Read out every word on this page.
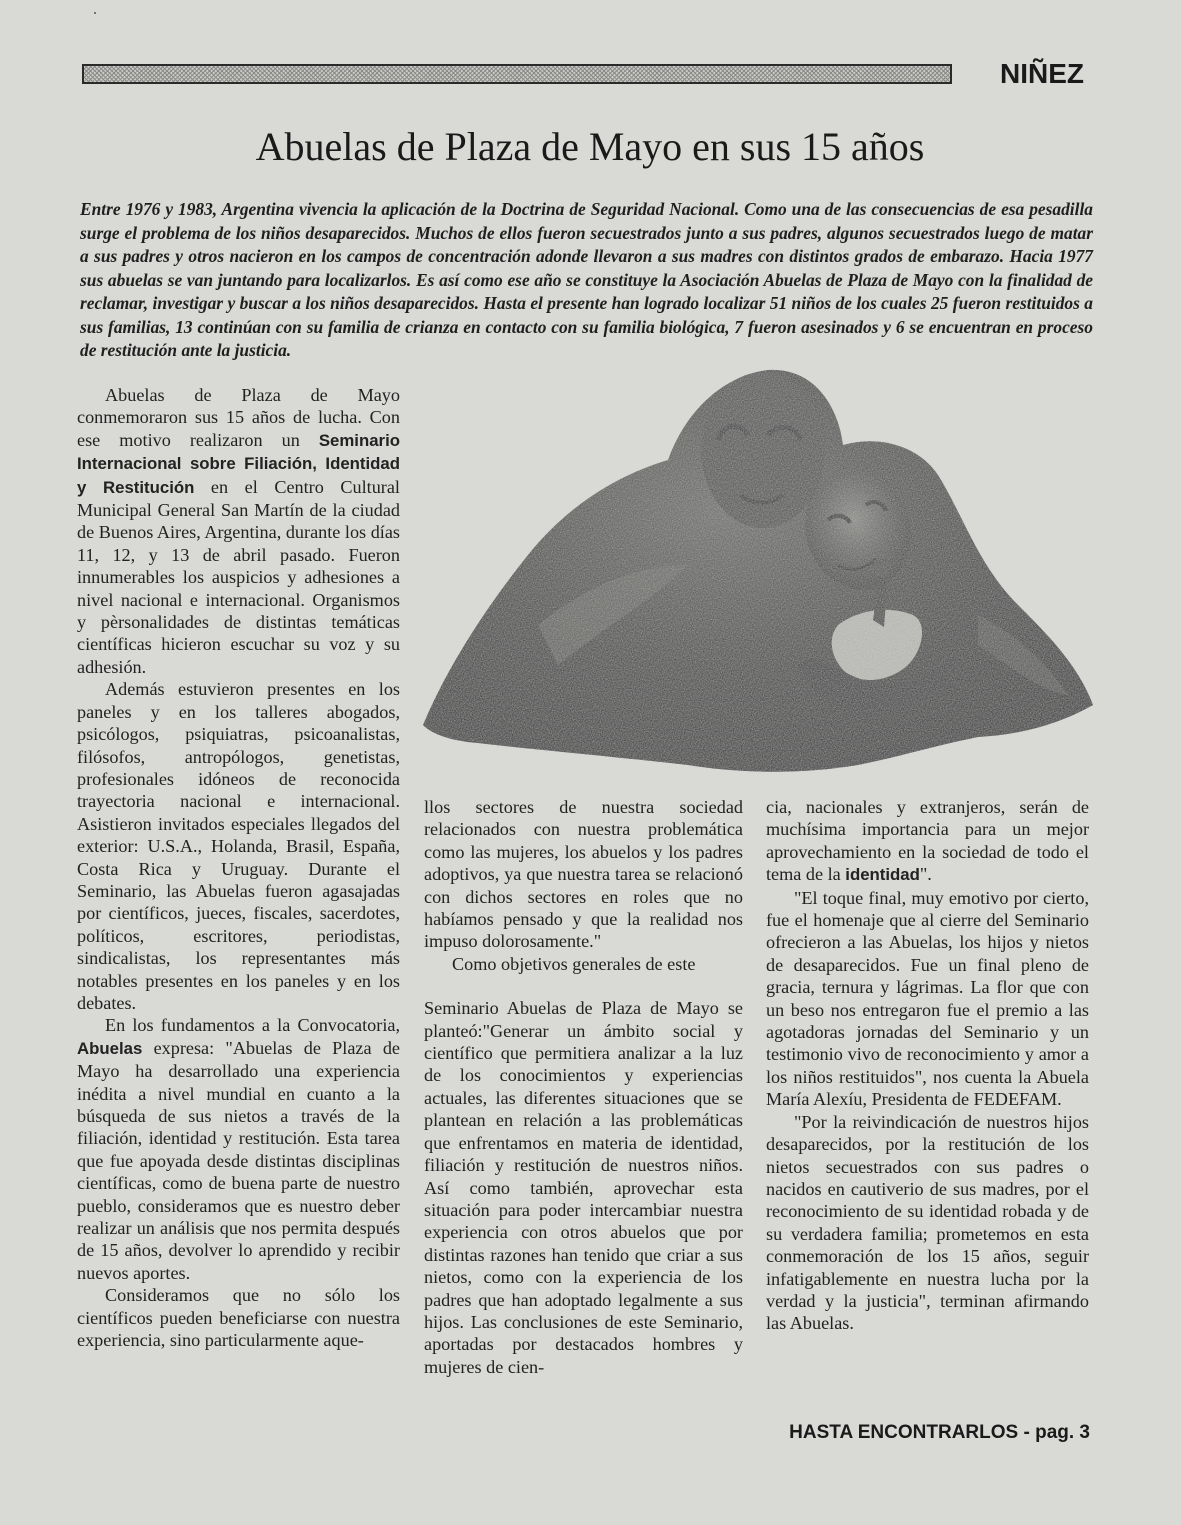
NIÑEZ
Abuelas de Plaza de Mayo en sus 15 años

Entre 1976 y 1983, Argentina vivencia la aplicación de la Doctrina de Seguridad Nacional. Como una de las consecuencias de esa pesadilla surge el problema de los niños desaparecidos. Muchos de ellos fueron secuestrados junto a sus padres, algunos secuestrados luego de matar a sus padres y otros nacieron en los campos de concentración adonde llevaron a sus madres con distintos grados de embarazo. Hacia 1977 sus abuelas se van juntando para localizarlos. Es así como ese año se constituye la Asociación Abuelas de Plaza de Mayo con la finalidad de reclamar, investigar y buscar a los niños desaparecidos. Hasta el presente han logrado localizar 51 niños de los cuales 25 fueron restituidos a sus familias, 13 continúan con su familia de crianza en contacto con su familia biológica, 7 fueron asesinados y 6 se encuentran en proceso de restitución ante la justicia.

Abuelas de Plaza de Mayo conmemoraron sus 15 años de lucha. Con ese motivo realizaron un Seminario Internacional sobre Filiación, Identidad y Restitución en el Centro Cultural Municipal General San Martín de la ciudad de Buenos Aires, Argentina, durante los días 11, 12, y 13 de abril pasado. Fueron innumerables los auspicios y adhesiones a nivel nacional e internacional. Organismos y pèrsonalidades de distintas temáticas científicas hicieron escuchar su voz y su adhesión.

Además estuvieron presentes en los paneles y en los talleres abogados, psicólogos, psiquiatras, psicoanalistas, filósofos, antropólogos, genetistas, profesionales idóneos de reconocida trayectoria nacional e internacional. Asistieron invitados especiales llegados del exterior: U.S.A., Holanda, Brasil, España, Costa Rica y Uruguay. Durante el Seminario, las Abuelas fueron agasajadas por científicos, jueces, fiscales, sacerdotes, políticos, escritores, periodistas, sindicalistas, los representantes más notables presentes en los paneles y en los debates.

En los fundamentos a la Convocatoria, Abuelas expresa: "Abuelas de Plaza de Mayo ha desarrollado una experiencia inédita a nivel mundial en cuanto a la búsqueda de sus nietos a través de la filiación, identidad y restitución. Esta tarea que fue apoyada desde distintas disciplinas científicas, como de buena parte de nuestro pueblo, consideramos que es nuestro deber realizar un análisis que nos permita después de 15 años, devolver lo aprendido y recibir nuevos aportes.

Consideramos que no sólo los científicos pueden beneficiarse con nuestra experiencia, sino particularmente aque-

llos sectores de nuestra sociedad relacionados con nuestra problemática como las mujeres, los abuelos y los padres adoptivos, ya que nuestra tarea se relacionó con dichos sectores en roles que no habíamos pensado y que la realidad nos impuso dolorosamente."

Como objetivos generales de este

Seminario Abuelas de Plaza de Mayo se planteó:"Generar un ámbito social y científico que permitiera analizar a la luz de los conocimientos y experiencias actuales, las diferentes situaciones que se plantean en relación a las problemáticas que enfrentamos en materia de identidad, filiación y restitución de nuestros niños. Así como también, aprovechar esta situación para poder intercambiar nuestra experiencia con otros abuelos que por distintas razones han tenido que criar a sus nietos, como con la experiencia de los padres que han adoptado legalmente a sus hijos. Las conclusiones de este Seminario, aportadas por destacados hombres y mujeres de cien-

cia, nacionales y extranjeros, serán de muchísima importancia para un mejor aprovechamiento en la sociedad de todo el tema de la identidad".

"El toque final, muy emotivo por cierto, fue el homenaje que al cierre del Seminario ofrecieron a las Abuelas, los hijos y nietos de desaparecidos. Fue un final pleno de gracia, ternura y lágrimas. La flor que con un beso nos entregaron fue el premio a las agotadoras jornadas del Seminario y un testimonio vivo de reconocimiento y amor a los niños restituidos", nos cuenta la Abuela María Alexíu, Presidenta de FEDEFAM.

"Por la reivindicación de nuestros hijos desaparecidos, por la restitución de los nietos secuestrados con sus padres o nacidos en cautiverio de sus madres, por el reconocimiento de su identidad robada y de su verdadera familia; prometemos en esta conmemoración de los 15 años, seguir infatigablemente en nuestra lucha por la verdad y la justicia", terminan afirmando las Abuelas.

HASTA ENCONTRARLOS - pag. 3
